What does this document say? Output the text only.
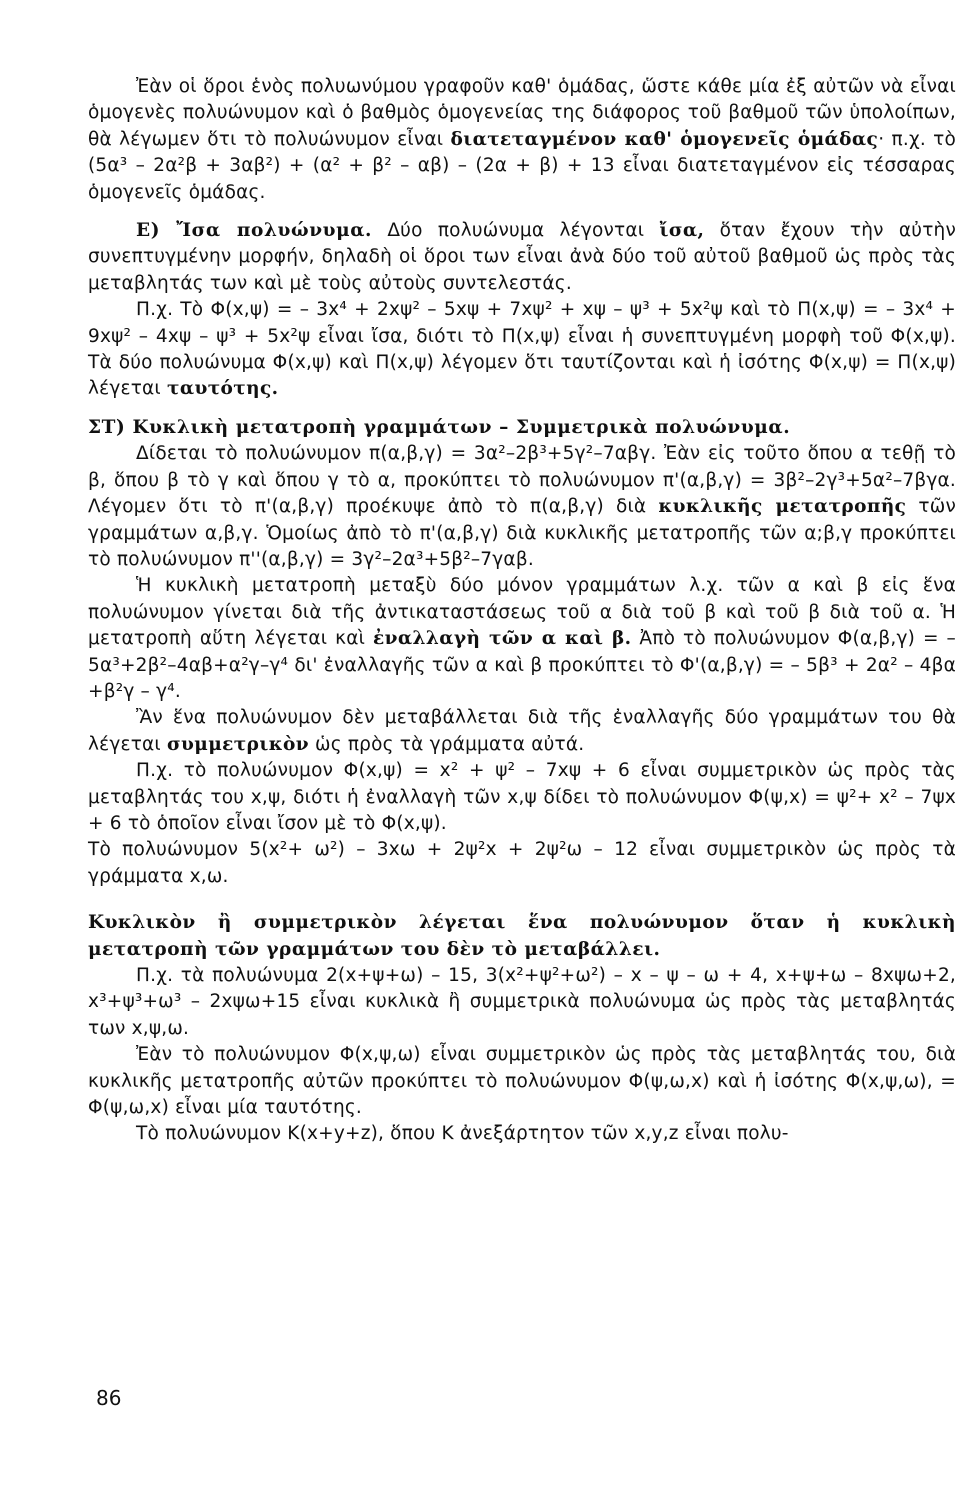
Ἐὰν οἱ ὅροι ἑνὸς πολυωνύμου γραφοῦν καθ' ὁμάδας, ὥστε κάθε μία ἐξ αὐτῶν νὰ εἶναι ὁμογενὲς πολυώνυμον καὶ ὁ βαθμὸς ὁμογενείας της διάφορος τοῦ βαθμοῦ τῶν ὑπολοίπων, θὰ λέγωμεν ὅτι τὸ πολυώνυμον εἶναι διατεταγμένον καθ' ὁμογενεῖς ὁμάδας· π.χ. τὸ (5α³ – 2α²β + 3αβ²) + (α² + β² – αβ) – (2α + β) + 13 εἶναι διατεταγμένον εἰς τέσσαρας ὁμογενεῖς ὁμάδας.

Ε) Ἴσα πολυώνυμα. Δύο πολυώνυμα λέγονται ἴσα, ὅταν ἔχουν τὴν αὐτὴν συνεπτυγμένην μορφήν, δηλαδὴ οἱ ὅροι των εἶναι ἀνὰ δύο τοῦ αὐτοῦ βαθμοῦ ὡς πρὸς τὰς μεταβλητάς των καὶ μὲ τοὺς αὐτοὺς συντελεστάς.

Π.χ. Τὸ Φ(x,ψ) = – 3x⁴ + 2xψ² – 5xψ + 7xψ² + xψ – ψ³ + 5x²ψ καὶ τὸ Π(x,ψ) = – 3x⁴ + 9xψ² – 4xψ – ψ³ + 5x²ψ εἶναι ἴσα, διότι τὸ Π(x,ψ) εἶναι ἡ συνεπτυγμένη μορφὴ τοῦ Φ(x,ψ). Τὰ δύο πολυώνυμα Φ(x,ψ) καὶ Π(x,ψ) λέγομεν ὅτι ταυτίζονται καὶ ἡ ἰσότης Φ(x,ψ) = Π(x,ψ) λέγεται ταυτότης.

ΣΤ) Κυκλικὴ μετατροπὴ γραμμάτων – Συμμετρικὰ πολυώνυμα.

Δίδεται τὸ πολυώνυμον π(α,β,γ) = 3α²–2β³+5γ²–7αβγ. Ἐὰν εἰς τοῦτο ὅπου α τεθῇ τὸ β, ὅπου β τὸ γ καὶ ὅπου γ τὸ α, προκύπτει τὸ πολυώνυμον π'(α,β,γ) = 3β²–2γ³+5α²–7βγα. Λέγομεν ὅτι τὸ π'(α,β,γ) προέκυψε ἀπὸ τὸ π(α,β,γ) διὰ κυκλικῆς μετατροπῆς τῶν γραμμάτων α,β,γ. Ὁμοίως ἀπὸ τὸ π'(α,β,γ) διὰ κυκλικῆς μετατροπῆς τῶν α;β,γ προκύπτει τὸ πολυώνυμον π''(α,β,γ) = 3γ²–2α³+5β²–7γαβ.

Ἡ κυκλικὴ μετατροπὴ μεταξὺ δύο μόνον γραμμάτων λ.χ. τῶν α καὶ β εἰς ἕνα πολυώνυμον γίνεται διὰ τῆς ἀντικαταστάσεως τοῦ α διὰ τοῦ β καὶ τοῦ β διὰ τοῦ α. Ἡ μετατροπὴ αὕτη λέγεται καὶ ἐναλλαγὴ τῶν α καὶ β. Ἀπὸ τὸ πολυώνυμον Φ(α,β,γ) = –5α³+2β²–4αβ+α²γ–γ⁴ δι' ἐναλλαγῆς τῶν α καὶ β προκύπτει τὸ Φ'(α,β,γ) = – 5β³ + 2α² – 4βα +β²γ – γ⁴.

Ἂν ἕνα πολυώνυμον δὲν μεταβάλλεται διὰ τῆς ἐναλλαγῆς δύο γραμμάτων του θὰ λέγεται συμμετρικὸν ὡς πρὸς τὰ γράμματα αὐτά.

Π.χ. τὸ πολυώνυμον Φ(x,ψ) = x² + ψ² – 7xψ + 6 εἶναι συμμετρικὸν ὡς πρὸς τὰς μεταβλητάς του x,ψ, διότι ἡ ἐναλλαγὴ τῶν x,ψ δίδει τὸ πολυώνυμον Φ(ψ,x) = ψ²+ x² – 7ψx + 6 τὸ ὁποῖον εἶναι ἴσον μὲ τὸ Φ(x,ψ).

Τὸ πολυώνυμον 5(x²+ ω²) – 3xω + 2ψ²x + 2ψ²ω – 12 εἶναι συμμετρικὸν ὡς πρὸς τὰ γράμματα x,ω.

Κυκλικὸν ἢ συμμετρικὸν λέγεται ἕνα πολυώνυμον ὅταν ἡ κυκλικὴ μετατροπὴ τῶν γραμμάτων του δὲν τὸ μεταβάλλει.

Π.χ. τὰ πολυώνυμα 2(x+ψ+ω) – 15, 3(x²+ψ²+ω²) – x – ψ – ω + 4, x+ψ+ω – 8xψω+2, x³+ψ³+ω³ – 2xψω+15 εἶναι κυκλικὰ ἢ συμμετρικὰ πολυώνυμα ὡς πρὸς τὰς μεταβλητάς των x,ψ,ω.

Ἐὰν τὸ πολυώνυμον Φ(x,ψ,ω) εἶναι συμμετρικὸν ὡς πρὸς τὰς μεταβλητάς του, διὰ κυκλικῆς μετατροπῆς αὐτῶν προκύπτει τὸ πολυώνυμον Φ(ψ,ω,x) καὶ ἡ ἰσότης Φ(x,ψ,ω), = Φ(ψ,ω,x) εἶναι μία ταυτότης.

Τὸ πολυώνυμον Κ(x+y+z), ὅπου Κ ἀνεξάρτητον τῶν x,y,z εἶναι πολυ-

86
